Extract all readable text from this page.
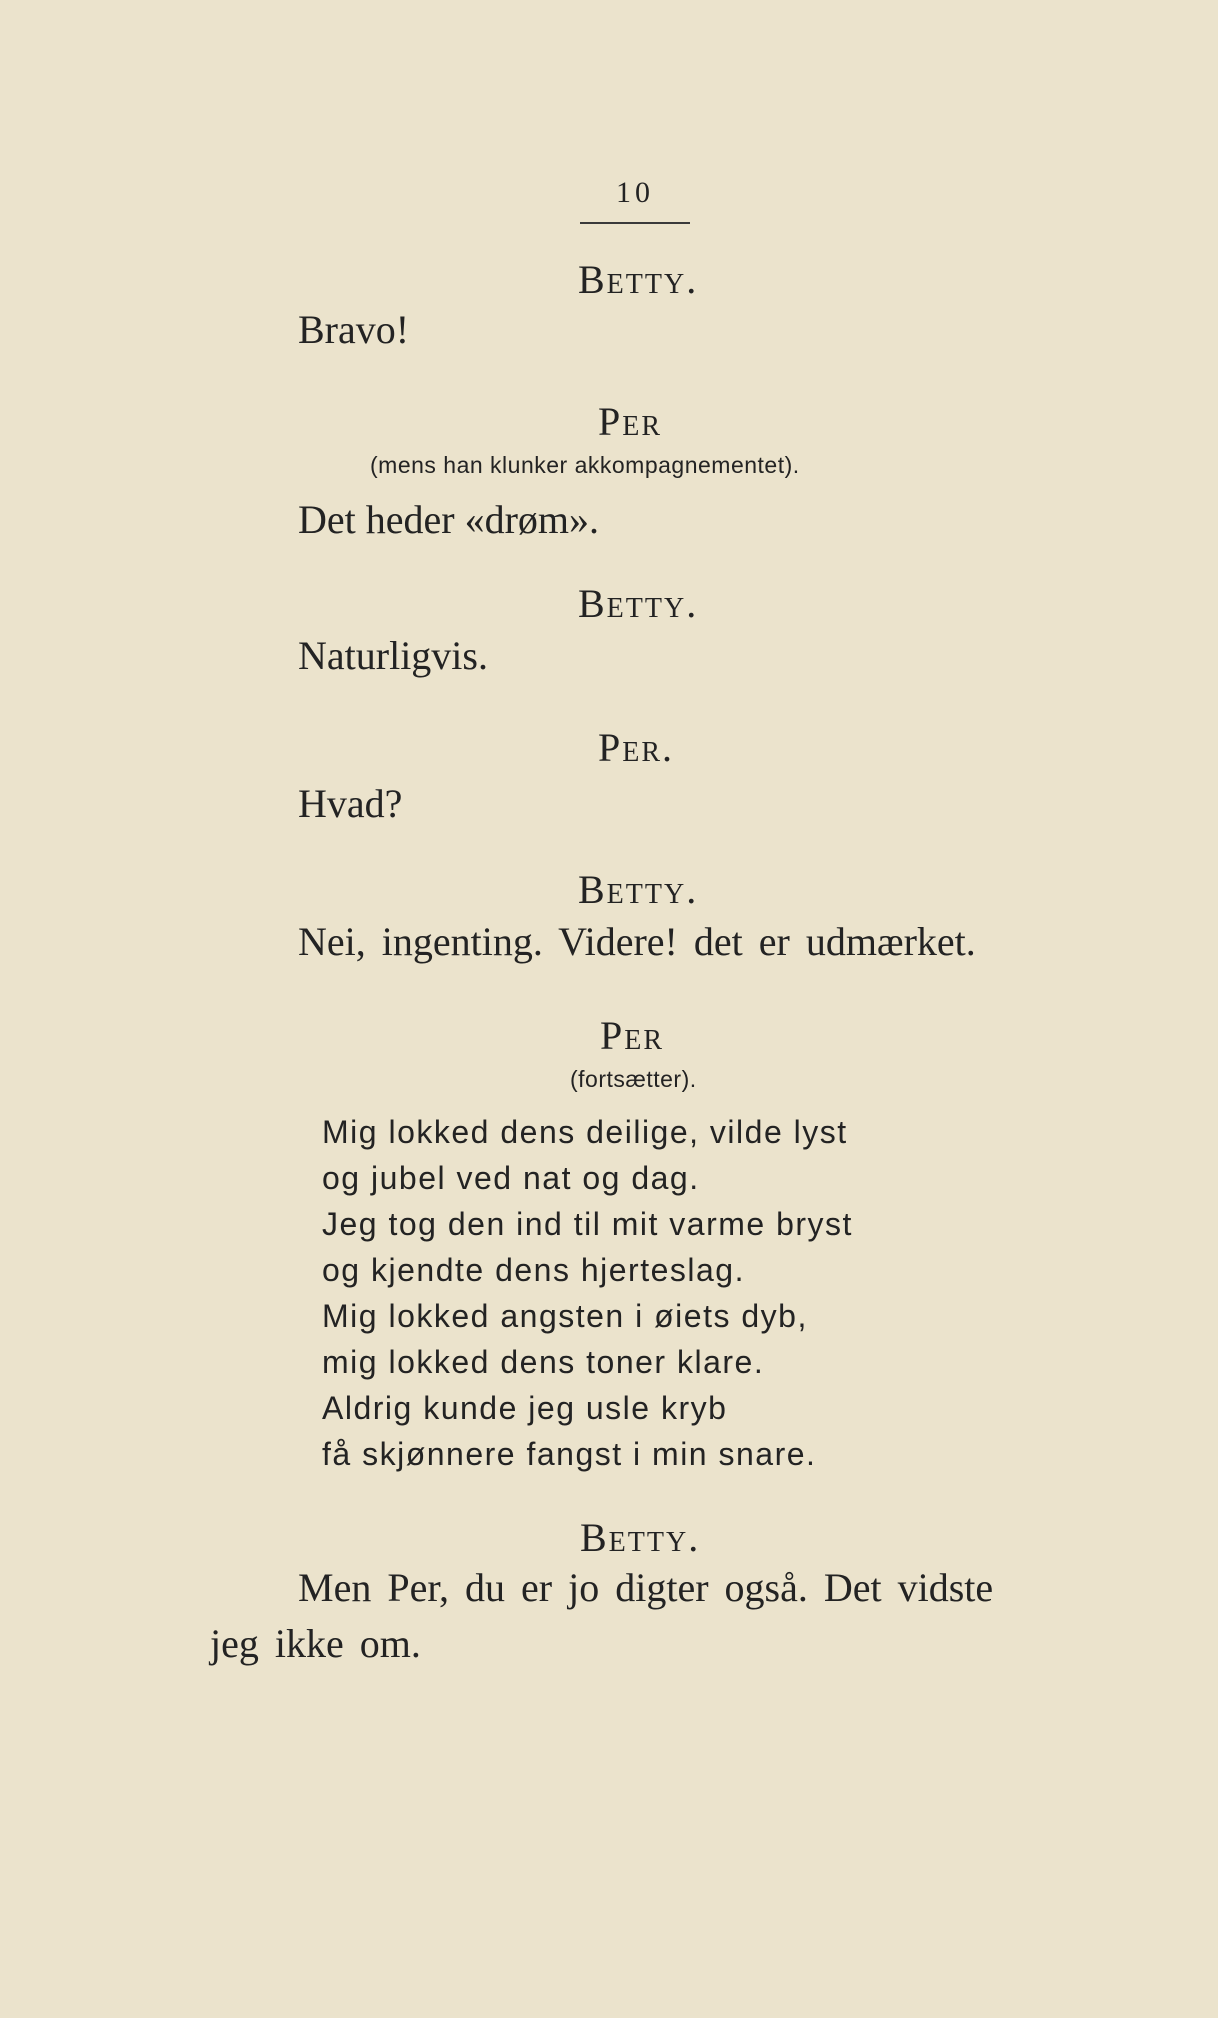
10
Betty.
Bravo!
Per
(mens han klunker akkompagnementet).
Det heder «drøm».
Betty.
Naturligvis.
Per.
Hvad?
Betty.
Nei, ingenting. Videre! det er udmærket.
Per
(fortsætter).
Mig lokked dens deilige, vilde lyst
og jubel ved nat og dag.
Jeg tog den ind til mit varme bryst
og kjendte dens hjerteslag.
Mig lokked angsten i øiets dyb,
mig lokked dens toner klare.
Aldrig kunde jeg usle kryb
få skjønnere fangst i min snare.
Betty.
Men Per, du er jo digter også. Det vidste
jeg ikke om.
